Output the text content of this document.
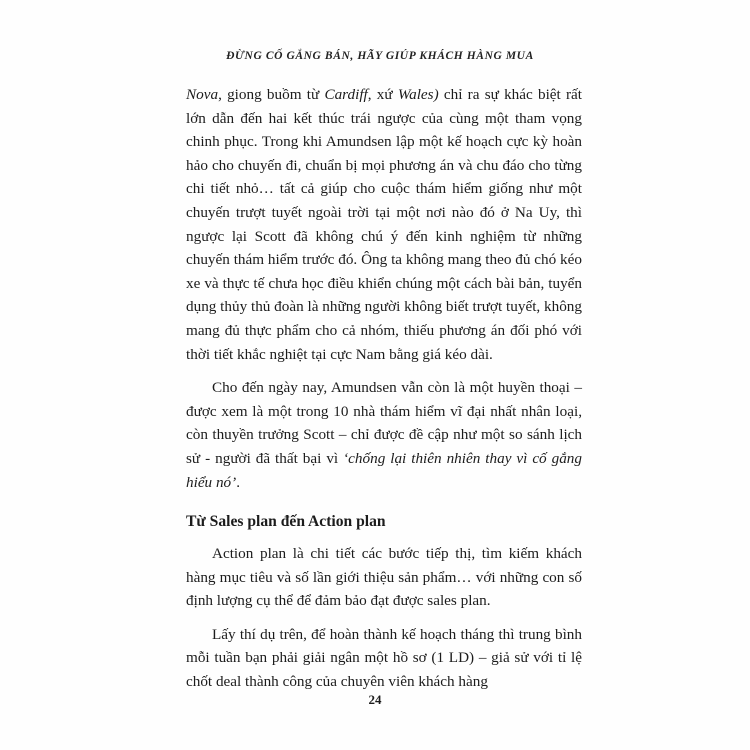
ĐỪNG CỐ GẮNG BÁN, HÃY GIÚP KHÁCH HÀNG MUA

Nova, giong buồm từ Cardiff, xứ Wales) chỉ ra sự khác biệt rất lớn dẫn đến hai kết thúc trái ngược của cùng một tham vọng chinh phục. Trong khi Amundsen lập một kế hoạch cực kỳ hoàn hảo cho chuyến đi, chuẩn bị mọi phương án và chu đáo cho từng chi tiết nhỏ… tất cả giúp cho cuộc thám hiểm giống như một chuyến trượt tuyết ngoài trời tại một nơi nào đó ở Na Uy, thì ngược lại Scott đã không chú ý đến kinh nghiệm từ những chuyến thám hiểm trước đó. Ông ta không mang theo đủ chó kéo xe và thực tế chưa học điều khiển chúng một cách bài bản, tuyển dụng thủy thủ đoàn là những người không biết trượt tuyết, không mang đủ thực phẩm cho cả nhóm, thiếu phương án đối phó với thời tiết khắc nghiệt tại cực Nam bằng giá kéo dài.

Cho đến ngày nay, Amundsen vẫn còn là một huyền thoại – được xem là một trong 10 nhà thám hiểm vĩ đại nhất nhân loại, còn thuyền trưởng Scott – chỉ được đề cập như một so sánh lịch sử - người đã thất bại vì ‘chống lại thiên nhiên thay vì cố gắng hiểu nó’.

Từ Sales plan đến Action plan

Action plan là chi tiết các bước tiếp thị, tìm kiếm khách hàng mục tiêu và số lần giới thiệu sản phẩm… với những con số định lượng cụ thể để đảm bảo đạt được sales plan.

Lấy thí dụ trên, để hoàn thành kế hoạch tháng thì trung bình mỗi tuần bạn phải giải ngân một hồ sơ (1 LD) – giả sử với tỉ lệ chốt deal thành công của chuyên viên khách hàng

24
